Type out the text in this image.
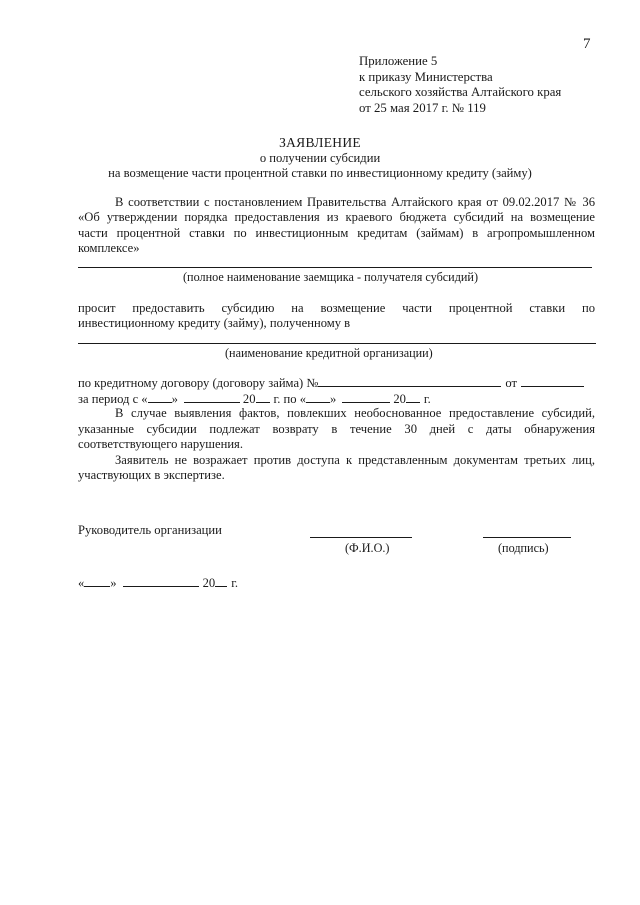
7
Приложение 5
к приказу Министерства
сельского хозяйства Алтайского края
от 25 мая 2017 г. № 119
ЗАЯВЛЕНИЕ
о получении субсидии
на возмещение части процентной ставки по инвестиционному кредиту (займу)
В соответствии с постановлением Правительства Алтайского края от 09.02.2017 № 36
«Об утверждении порядка предоставления из краевого бюджета субсидий на возмещение
части процентной ставки по инвестиционным кредитам (займам) в агропромышленном
комплексе»
(полное наименование заемщика - получателя субсидий)
просит предоставить субсидию на возмещение части процентной ставки по
инвестиционному кредиту (займу), полученному в
(наименование кредитной организации)
по кредитному договору (договору займа) №	от
за период с « »	20 г. по « »	20 г.
В случае выявления фактов, повлекших необоснованное предоставление субсидий,
указанные субсидии подлежат возврату в течение 30 дней с даты обнаружения
соответствующего нарушения.
Заявитель не возражает против доступа к представленным документам третьих лиц,
участвующих в экспертизе.
Руководитель организации
(Ф.И.О.)	(подпись)
« »	20 г.
